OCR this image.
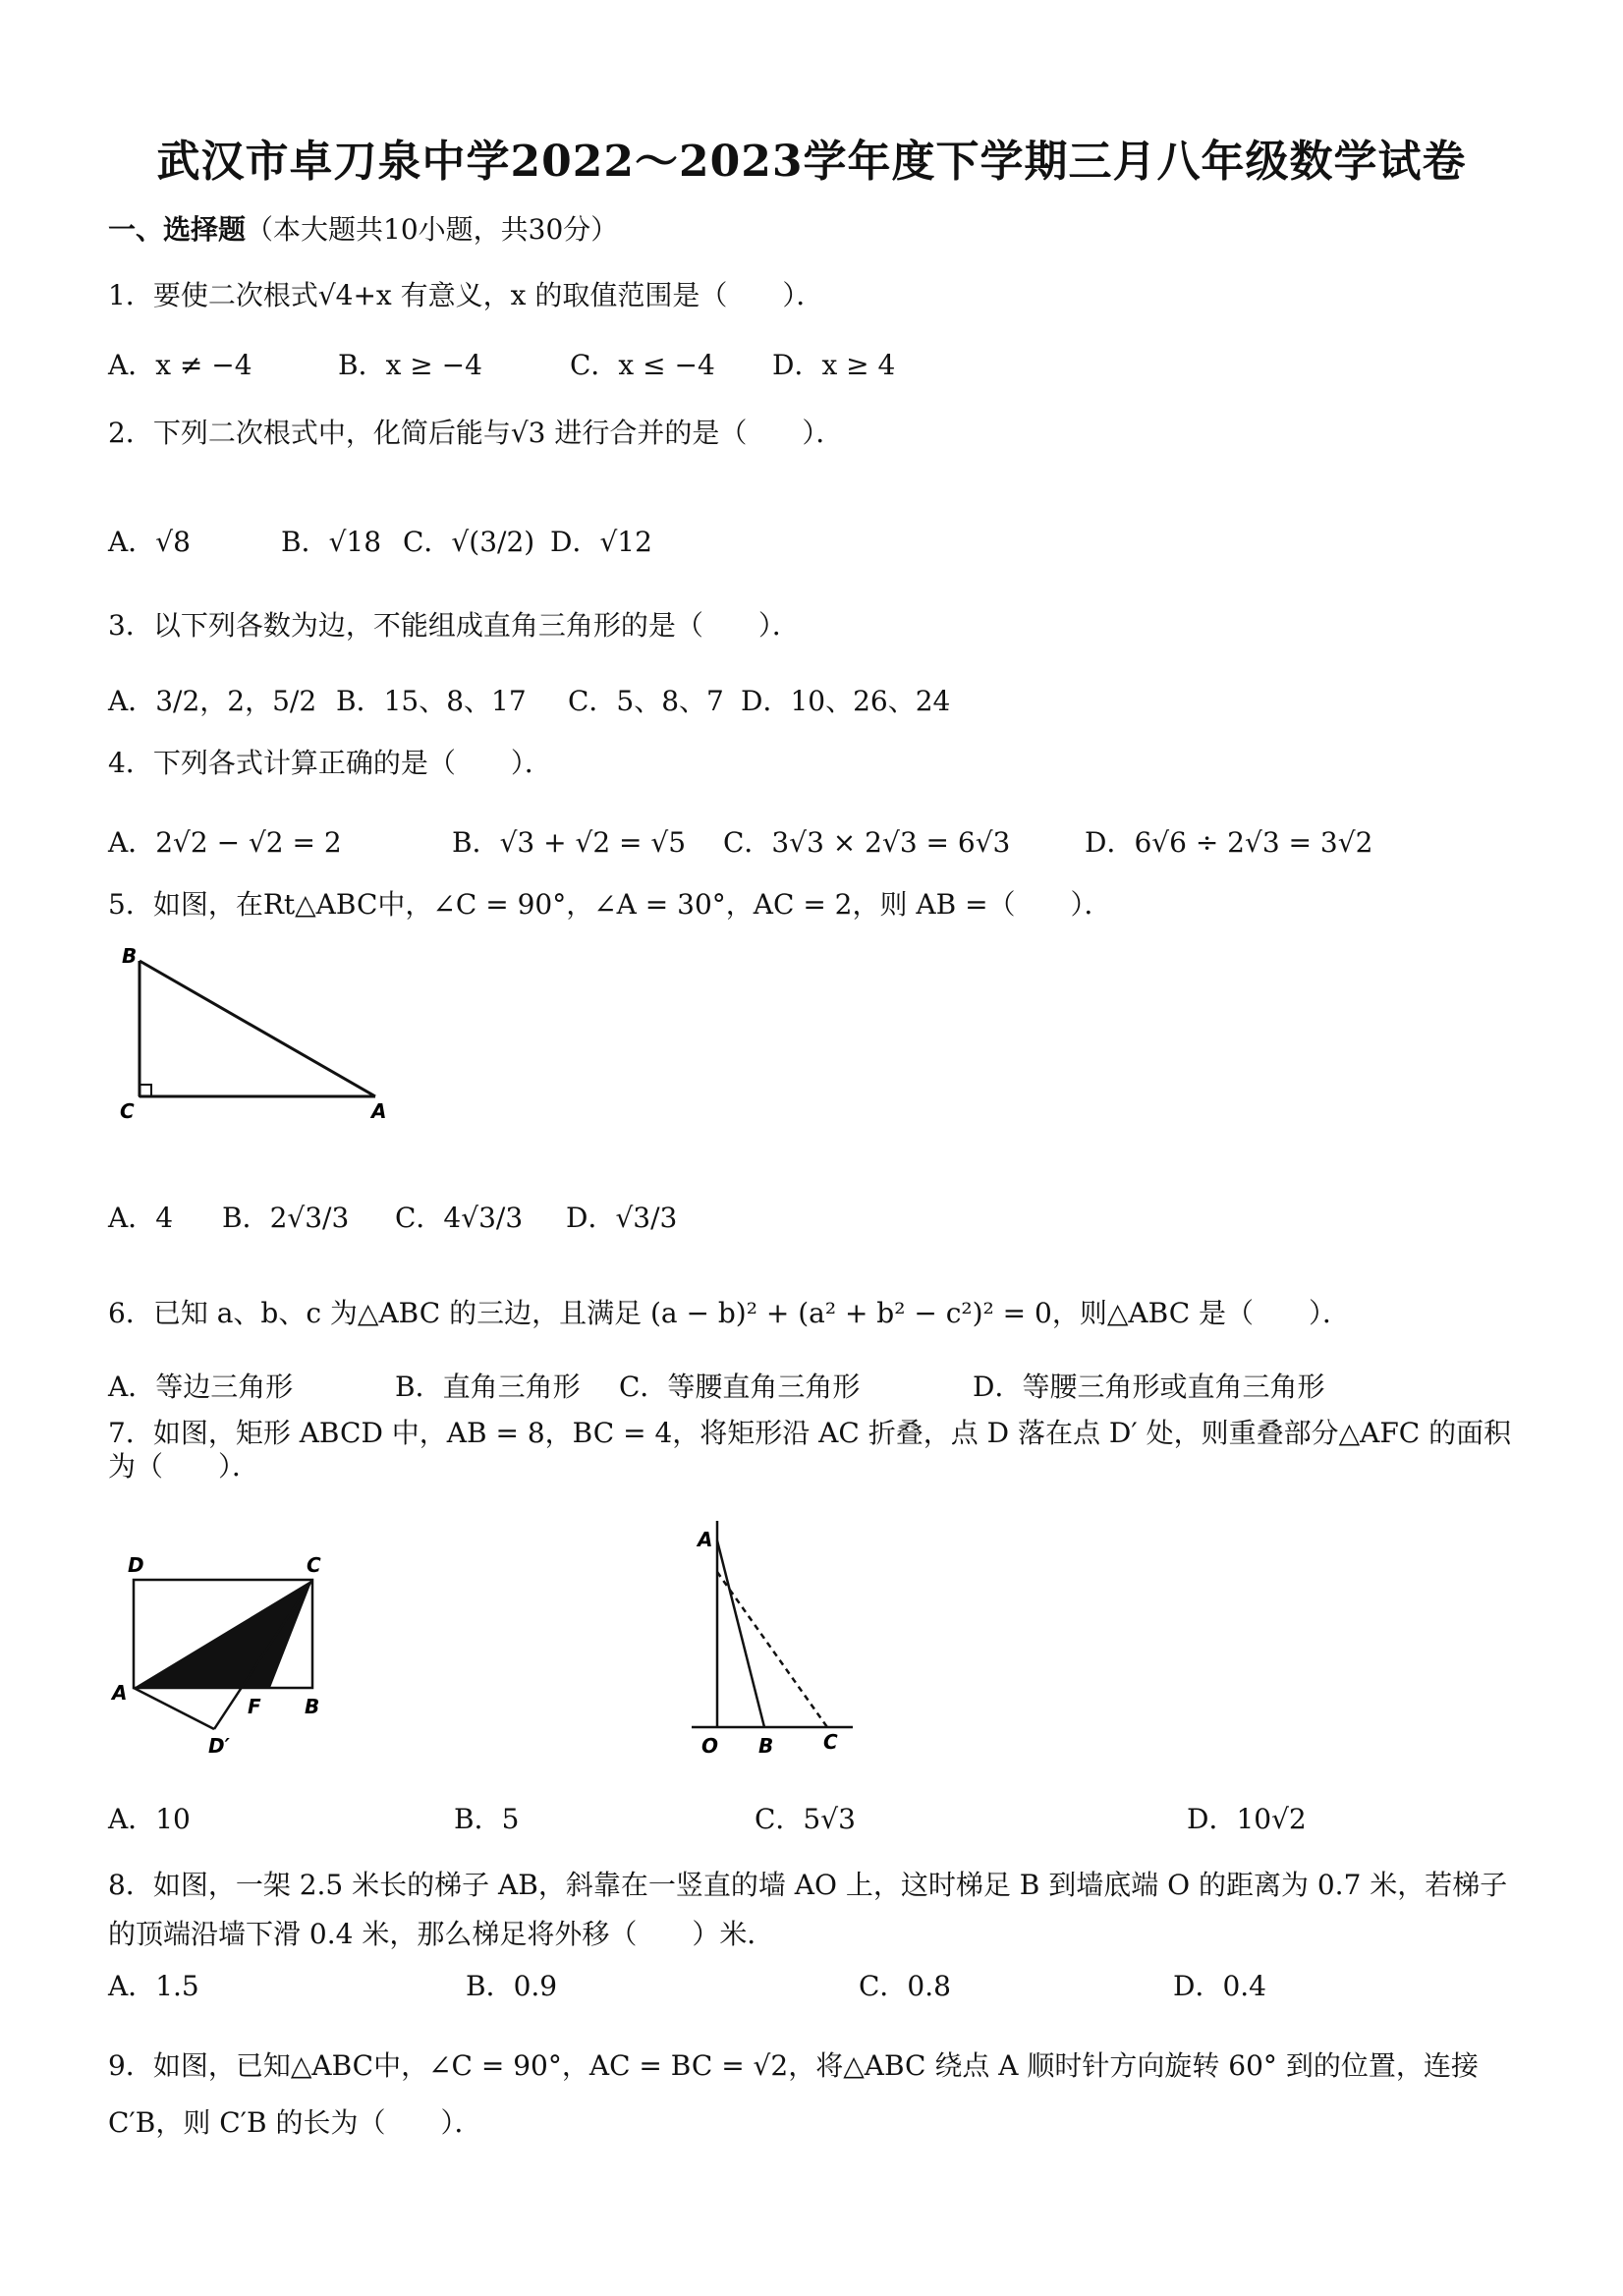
武汉市卓刀泉中学2022～2023学年度下学期三月八年级数学试卷
一、选择题（本大题共10小题，共30分）
1．要使二次根式√4+x 有意义，x 的取值范围是（　　）．
A．x ≠ −4	B．x ≥ −4	C．x ≤ −4 D．x ≥ 4
2．下列二次根式中，化简后能与√3 进行合并的是（　　）．
A．√8	B．√18 C．√(3/2) D．√12
3．以下列各数为边，不能组成直角三角形的是（　　）．
A．3/2，2，5/2 B．15、8、17 C．5、8、7 D．10、26、24
4．下列各式计算正确的是（　　）．
A．2√2 − √2 = 2	B．√3 + √2 = √5 C．3√3 × 2√3 = 6√3	D．6√6 ÷ 2√3 = 3√2
5．如图，在Rt△ABC中，∠C = 90°，∠A = 30°，AC = 2，则 AB =（　　）．
B
C	A
A．4 B．2√3/3 C．4√3/3 D．√3/3
6．已知 a、b、c 为△ABC 的三边，且满足 (a − b)² + (a² + b² − c²)² = 0，则△ABC 是（　　）．
A．等边三角形	B．直角三角形 C．等腰直角三角形	D．等腰三角形或直角三角形
7．如图，矩形 ABCD 中，AB = 8，BC = 4，将矩形沿 AC 折叠，点 D 落在点 D′ 处，则重叠部分△AFC 的面积为（　　）．
D	C
A
F B
D′
A
O B	C
A．10	B．5	C．5√3	D．10√2
8．如图，一架 2.5 米长的梯子 AB，斜靠在一竖直的墙 AO 上，这时梯足 B 到墙底端 O 的距离为 0.7 米，若梯子的顶端沿墙下滑 0.4 米，那么梯足将外移（　　）米．
A．1.5	B．0.9	C．0.8	D．0.4
9．如图，已知△ABC中，∠C = 90°，AC = BC = √2，将△ABC 绕点 A 顺时针方向旋转 60° 到的位置，连接 C′B，则 C′B 的长为（　　）．
